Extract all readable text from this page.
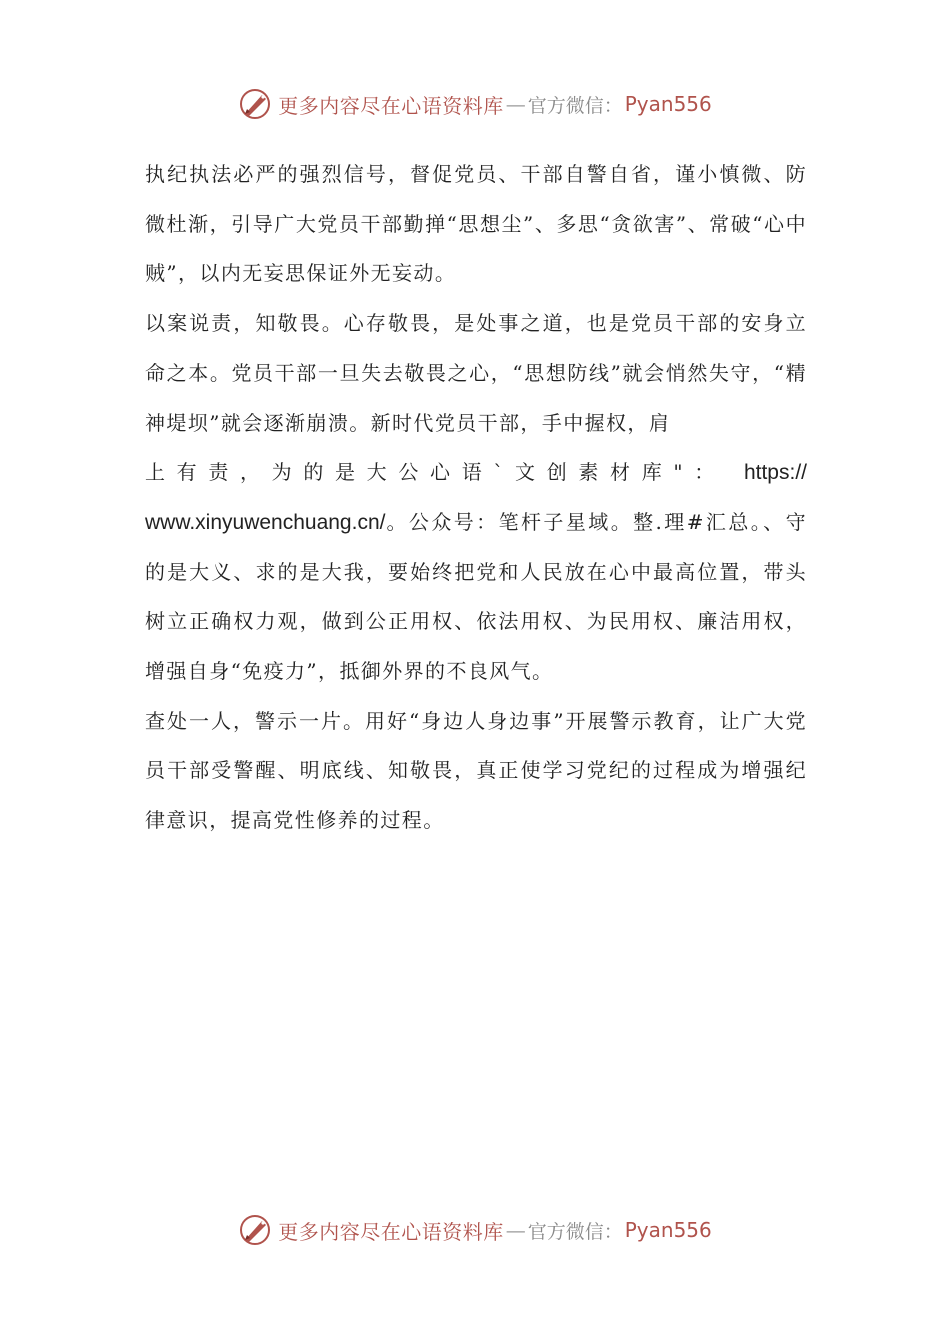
更多内容尽在心语资料库 — 官方微信： Pyan556

执纪执法必严的强烈信号，督促党员、干部自警自省，谨小慎微、防微杜渐，引导广大党员干部勤掸“思想尘”、多思“贪欲害”、常破“心中贼”，以内无妄思保证外无妄动。

以案说责，知敬畏。心存敬畏，是处事之道，也是党员干部的安身立命之本。党员干部一旦失去敬畏之心，“思想防线”就会悄然失守，“精神堤坝”就会逐渐崩溃。新时代党员干部，手中握权，肩
上有责，为的是大公心语`文创素材库"： https://
www.xinyuwenchuang.cn/。公众号：笔杆子星域。整.理#汇总。、守的是大义、求的是大我，要始终把党和人民放在心中最高位置，带头树立正确权力观，做到公正用权、依法用权、为民用权、廉洁用权，增强自身“免疫力”，抵御外界的不良风气。

查处一人，警示一片。用好“身边人身边事”开展警示教育，让广大党员干部受警醒、明底线、知敬畏，真正使学习党纪的过程成为增强纪律意识，提高党性修养的过程。

更多内容尽在心语资料库 — 官方微信： Pyan556
